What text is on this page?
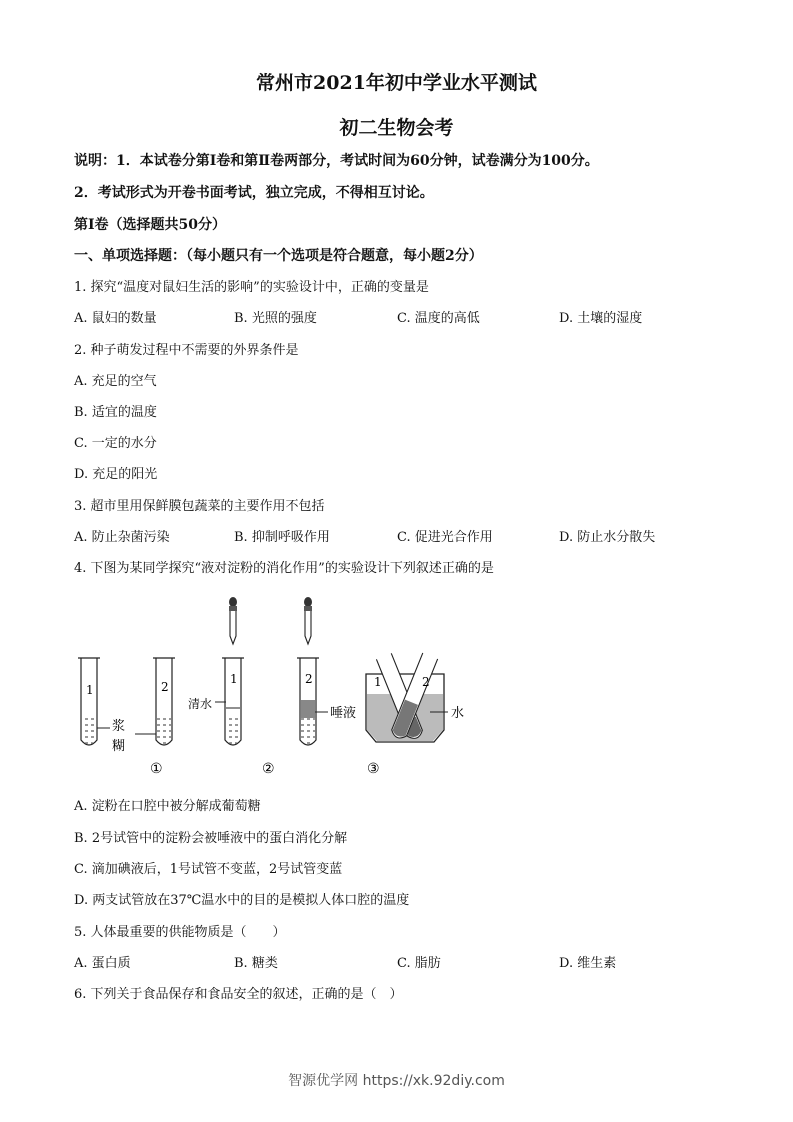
常州市2021年初中学业水平测试
初二生物会考
说明：1．本试卷分第Ⅰ卷和第Ⅱ卷两部分，考试时间为60分钟，试卷满分为100分。
2．考试形式为开卷书面考试，独立完成，不得相互讨论。
第Ⅰ卷（选择题共50分）
一、单项选择题：（每小题只有一个选项是符合题意，每小题2分）
1. 探究“温度对鼠妇生活的影响”的实验设计中，正确的变量是
A. 鼠妇的数量	B. 光照的强度	C. 温度的高低	D. 土壤的湿度
2. 种子萌发过程中不需要的外界条件是
A. 充足的空气
B. 适宜的温度
C. 一定的水分
D. 充足的阳光
3. 超市里用保鲜膜包蔬菜的主要作用不包括
A. 防止杂菌污染	B. 抑制呼吸作用	C. 促进光合作用	D. 防止水分散失
4. 下图为某同学探究“液对淀粉的消化作用”的实验设计下列叙述正确的是
1	2
浆
糊
①
1
清水
2
唾液
②
1	2
水
③
A. 淀粉在口腔中被分解成葡萄糖
B. 2号试管中的淀粉会被唾液中的蛋白消化分解
C. 滴加碘液后，1号试管不变蓝，2号试管变蓝
D. 两支试管放在37℃温水中的目的是模拟人体口腔的温度
5. 人体最重要的供能物质是（　　）
A. 蛋白质	B. 糖类	C. 脂肪	D. 维生素
6. 下列关于食品保存和食品安全的叙述，正确的是（　）
智源优学网 https://xk.92diy.com
